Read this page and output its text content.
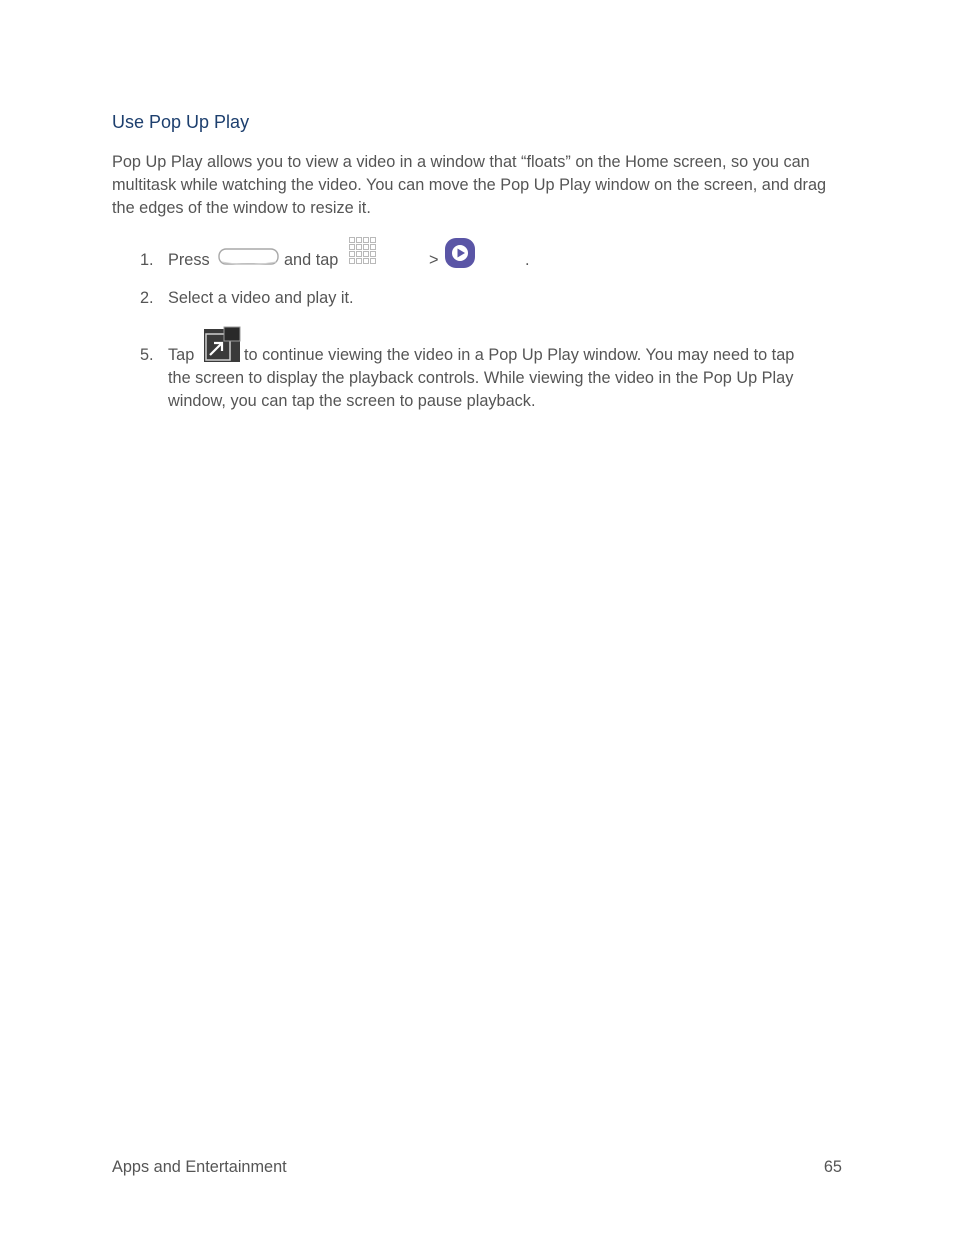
Use Pop Up Play
Pop Up Play allows you to view a video in a window that “floats” on the Home screen, so you can multitask while watching the video. You can move the Pop Up Play window on the screen, and drag the edges of the window to resize it.
1. Press	and tap	>	.
2. Select a video and play it.
5. Tap	to continue viewing the video in a Pop Up Play window. You may need to tap
the screen to display the playback controls. While viewing the video in the Pop Up Play
window, you can tap the screen to pause playback.
Apps and Entertainment	65
